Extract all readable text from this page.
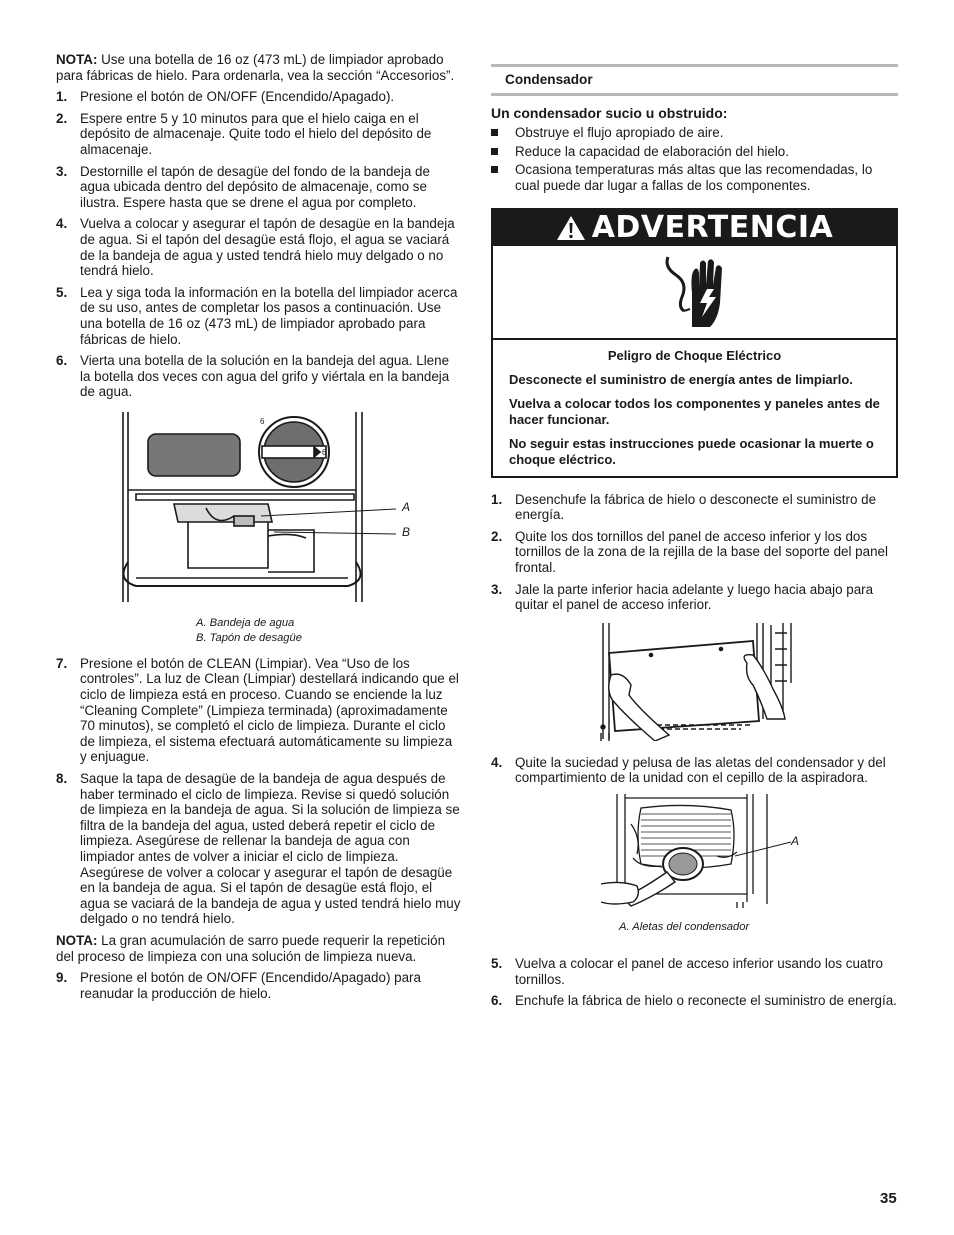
NOTA: Use una botella de 16 oz (473 mL) de limpiador aprobado para fábricas de hielo. Para ordenarla, vea la sección “Accesorios”.

1. Presione el botón de ON/OFF (Encendido/Apagado).
2. Espere entre 5 y 10 minutos para que el hielo caiga en el depósito de almacenaje. Quite todo el hielo del depósito de almacenaje.
3. Destornille el tapón de desagüe del fondo de la bandeja de agua ubicada dentro del depósito de almacenaje, como se ilustra. Espere hasta que se drene el agua por completo.
4. Vuelva a colocar y asegurar el tapón de desagüe en la bandeja de agua. Si el tapón del desagüe está flojo, el agua se vaciará de la bandeja de agua y usted tendrá hielo muy delgado o no tendrá hielo.
5. Lea y siga toda la información en la botella del limpiador acerca de su uso, antes de completar los pasos a continuación. Use una botella de 16 oz (473 mL) de limpiador aprobado para fábricas de hielo.
6. Vierta una botella de la solución en la bandeja del agua. Llene la botella dos veces con agua del grifo y viértala en la bandeja de agua.
6
6
A
B
A. Bandeja de agua
B. Tapón de desagüe
7. Presione el botón de CLEAN (Limpiar). Vea “Uso de los controles”. La luz de Clean (Limpiar) destellará indicando que el ciclo de limpieza está en proceso. Cuando se enciende la luz “Cleaning Complete” (Limpieza terminada) (aproximadamente 70 minutos), se completó el ciclo de limpieza. Durante el ciclo de limpieza, el sistema efectuará automáticamente su limpieza y enjuague.
8. Saque la tapa de desagüe de la bandeja de agua después de haber terminado el ciclo de limpieza. Revise si quedó solución de limpieza en la bandeja de agua. Si la solución de limpieza se filtra de la bandeja del agua, usted deberá repetir el ciclo de limpieza. Asegúrese de rellenar la bandeja de agua con limpiador antes de volver a iniciar el ciclo de limpieza. Asegúrese de volver a colocar y asegurar el tapón de desagüe en la bandeja de agua. Si el tapón de desagüe está flojo, el agua se vaciará de la bandeja de agua y usted tendrá hielo muy delgado o no tendrá hielo.

NOTA: La gran acumulación de sarro puede requerir la repetición del proceso de limpieza con una solución de limpieza nueva.

9. Presione el botón de ON/OFF (Encendido/Apagado) para reanudar la producción de hielo.
Condensador
Un condensador sucio u obstruido:
Obstruye el flujo apropiado de aire.
Reduce la capacidad de elaboración del hielo.
Ocasiona temperaturas más altas que las recomendadas, lo cual puede dar lugar a fallas de los componentes.
ADVERTENCIA

Peligro de Choque Eléctrico

Desconecte el suministro de energía antes de limpiarlo.

Vuelva a colocar todos los componentes y paneles antes de hacer funcionar.

No seguir estas instrucciones puede ocasionar la muerte o choque eléctrico.

1. Desenchufe la fábrica de hielo o desconecte el suministro de energía.
2. Quite los dos tornillos del panel de acceso inferior y los dos tornillos de la zona de la rejilla de la base del soporte del panel frontal.
3. Jale la parte inferior hacia adelante y luego hacia abajo para quitar el panel de acceso inferior.
4. Quite la suciedad y pelusa de las aletas del condensador y del compartimiento de la unidad con el cepillo de la aspiradora.
A
A. Aletas del condensador
5. Vuelva a colocar el panel de acceso inferior usando los cuatro tornillos.
6. Enchufe la fábrica de hielo o reconecte el suministro de energía.
35
